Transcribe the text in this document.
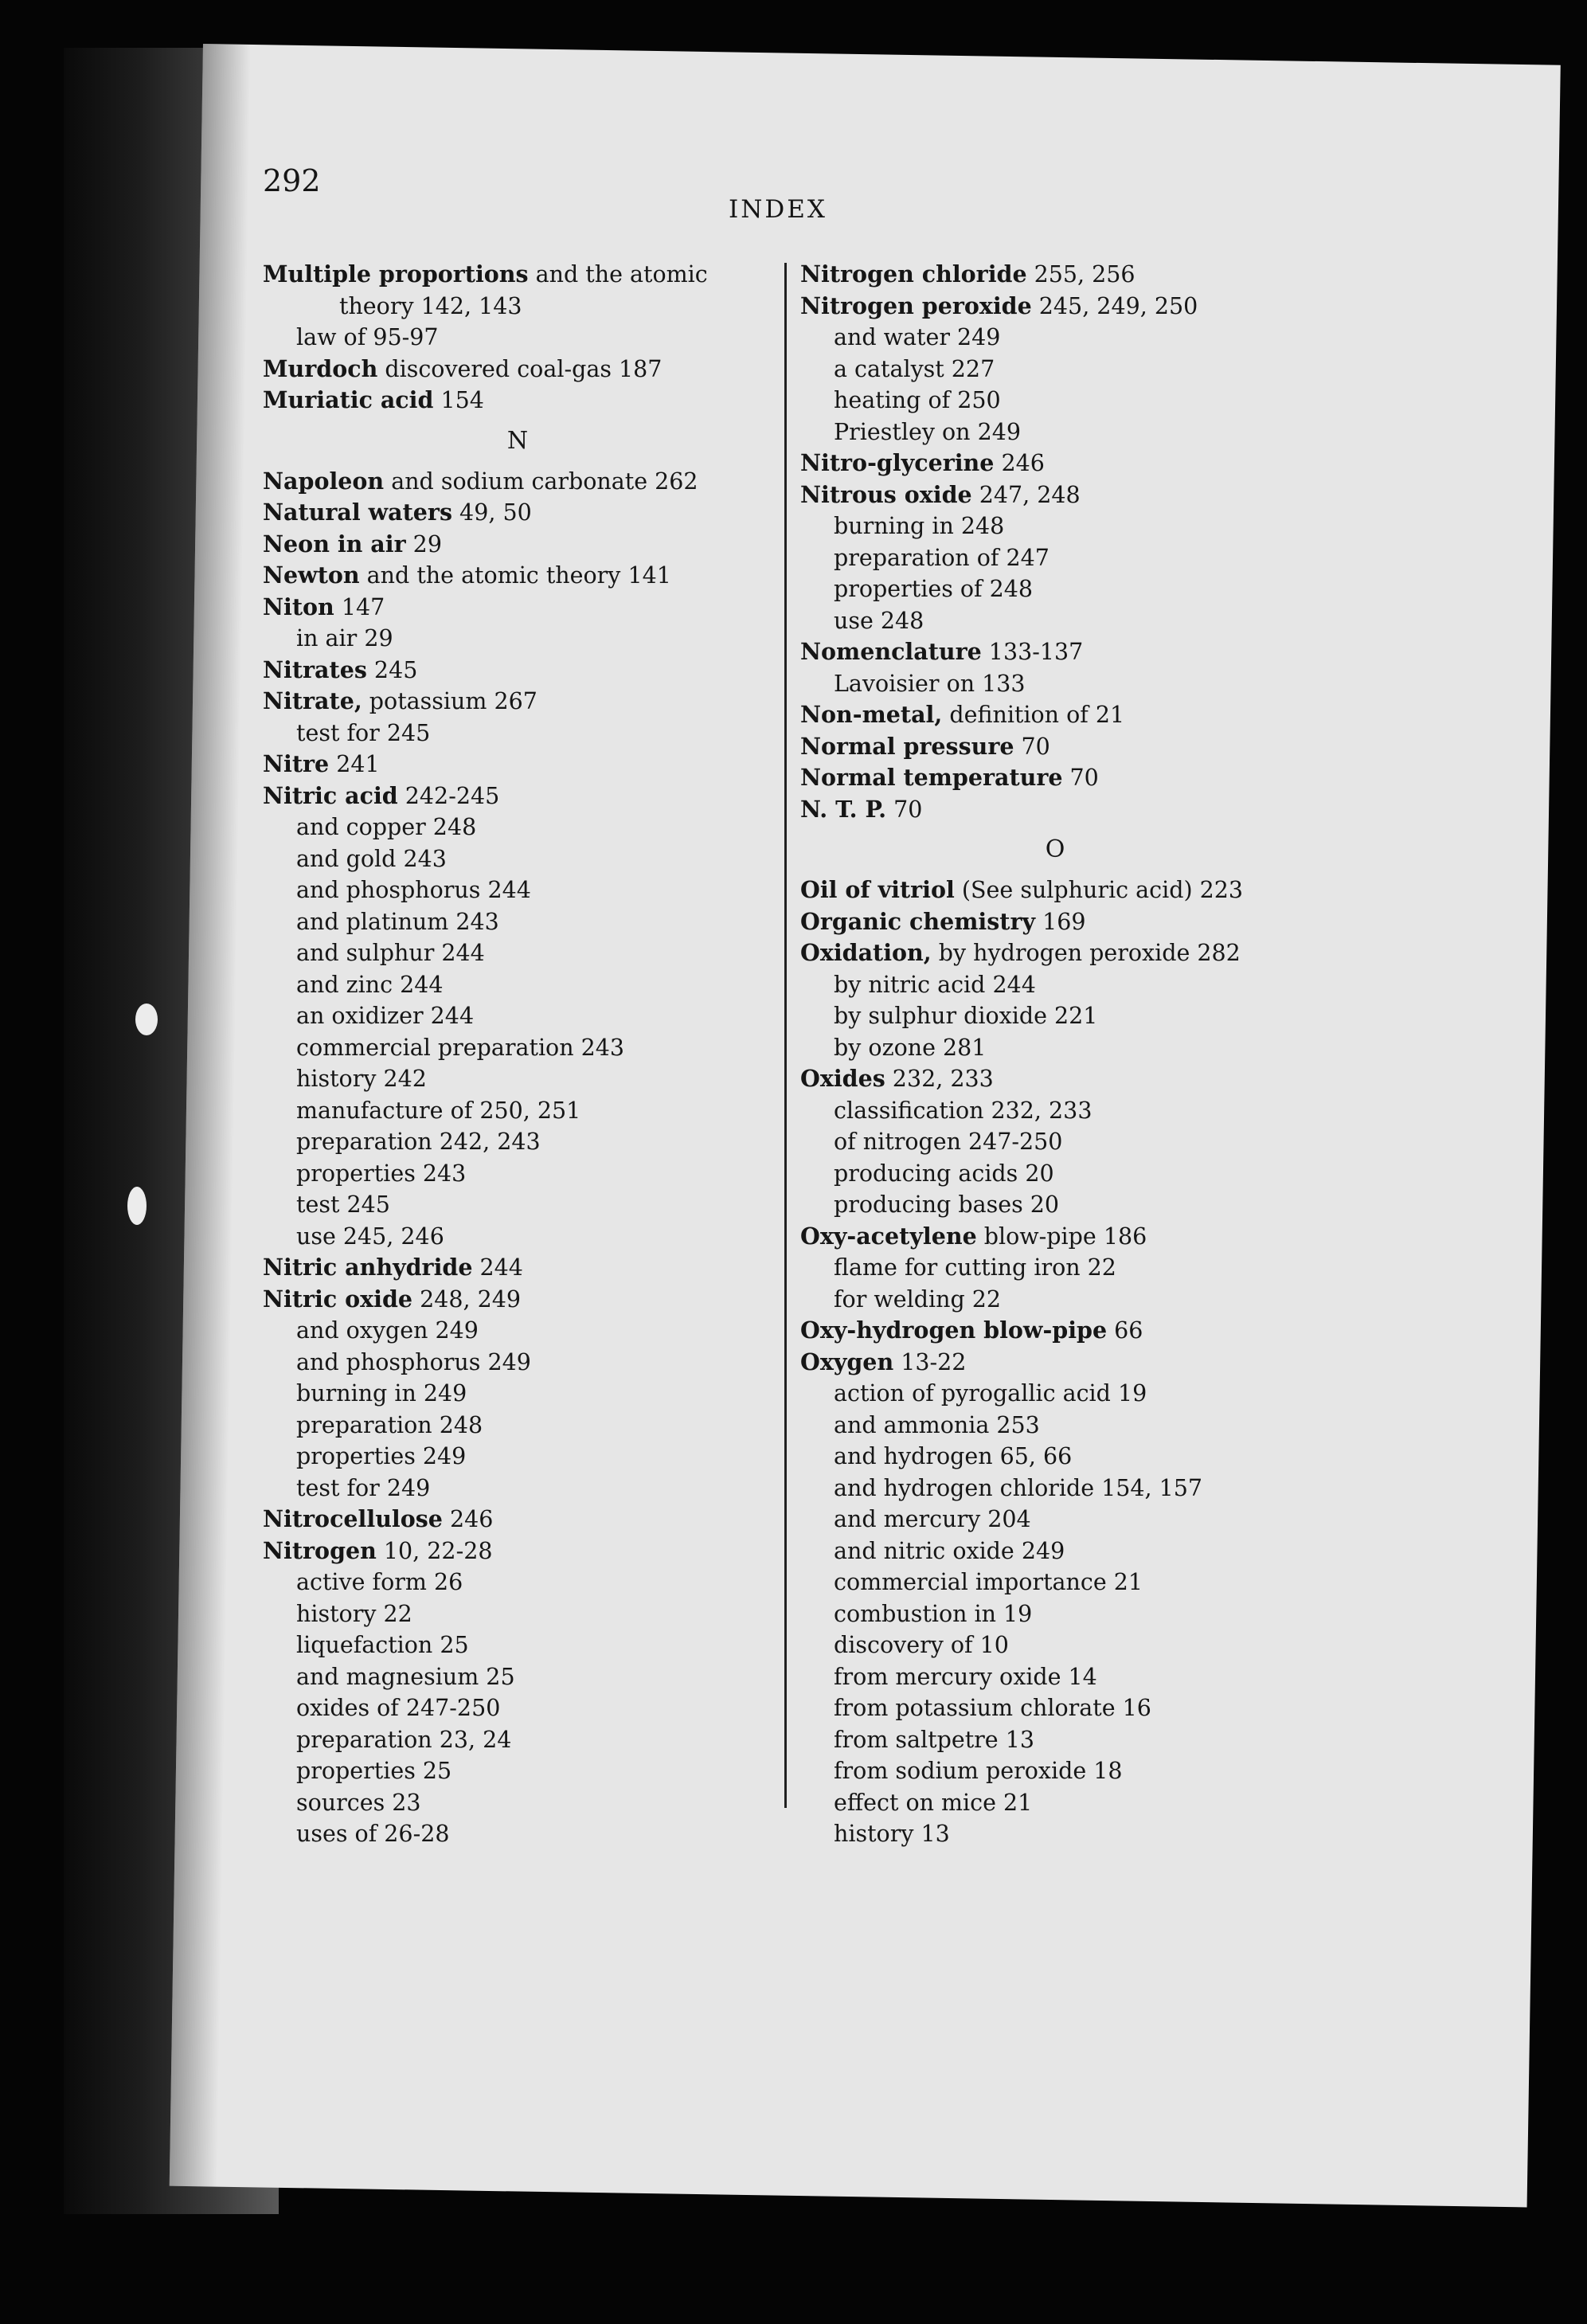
292
INDEX
Multiple proportions and the atomic
theory 142, 143
law of 95-97
Murdoch discovered coal-gas 187
Muriatic acid 154
N
Napoleon and sodium carbonate 262
Natural waters 49, 50
Neon in air 29
Newton and the atomic theory 141
Niton 147
in air 29
Nitrates 245
Nitrate, potassium 267
test for 245
Nitre 241
Nitric acid 242-245
and copper 248
and gold 243
and phosphorus 244
and platinum 243
and sulphur 244
and zinc 244
an oxidizer 244
commercial preparation 243
history 242
manufacture of 250, 251
preparation 242, 243
properties 243
test 245
use 245, 246
Nitric anhydride 244
Nitric oxide 248, 249
and oxygen 249
and phosphorus 249
burning in 249
preparation 248
properties 249
test for 249
Nitrocellulose 246
Nitrogen 10, 22-28
active form 26
history 22
liquefaction 25
and magnesium 25
oxides of 247-250
preparation 23, 24
properties 25
sources 23
uses of 26-28
Nitrogen chloride 255, 256
Nitrogen peroxide 245, 249, 250
and water 249
a catalyst 227
heating of 250
Priestley on 249
Nitro-glycerine 246
Nitrous oxide 247, 248
burning in 248
preparation of 247
properties of 248
use 248
Nomenclature 133-137
Lavoisier on 133
Non-metal, definition of 21
Normal pressure 70
Normal temperature 70
N. T. P. 70
O
Oil of vitriol (See sulphuric acid) 223
Organic chemistry 169
Oxidation, by hydrogen peroxide 282
by nitric acid 244
by sulphur dioxide 221
by ozone 281
Oxides 232, 233
classification 232, 233
of nitrogen 247-250
producing acids 20
producing bases 20
Oxy-acetylene blow-pipe 186
flame for cutting iron 22
for welding 22
Oxy-hydrogen blow-pipe 66
Oxygen 13-22
action of pyrogallic acid 19
and ammonia 253
and hydrogen 65, 66
and hydrogen chloride 154, 157
and mercury 204
and nitric oxide 249
commercial importance 21
combustion in 19
discovery of 10
from mercury oxide 14
from potassium chlorate 16
from saltpetre 13
from sodium peroxide 18
effect on mice 21
history 13
